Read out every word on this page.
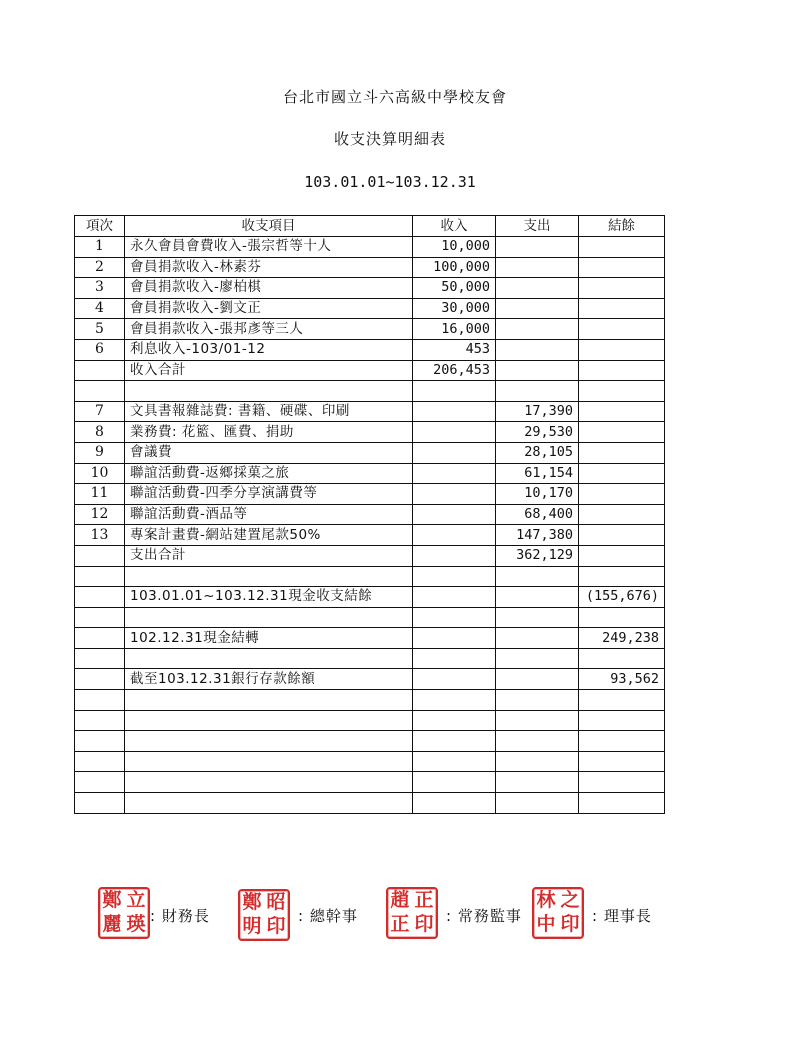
台北市國立斗六高級中學校友會
收支決算明細表
103.01.01~103.12.31
項次	收支項目	收入	支出	結餘
1	永久會員會費收入-張宗哲等十人	10,000		
2	會員捐款收入-林素芬	100,000		
3	會員捐款收入-廖柏棋	50,000		
4	會員捐款收入-劉文正	30,000		
5	會員捐款收入-張邦彥等三人	16,000		
6	利息收入-103/01-12	453		
	收入合計	206,453		

7	文具書報雜誌費: 書籍、硬碟、印刷		17,390	
8	業務費: 花籃、匯費、捐助		29,530	
9	會議費		28,105	
10	聯誼活動費-返鄉採菓之旅		61,154	
11	聯誼活動費-四季分享演講費等		10,170	
12	聯誼活動費-酒品等		68,400	
13	專案計畫費-網站建置尾款50%		147,380	
	支出合計		362,129	

	103.01.01~103.12.31現金收支結餘			(155,676)

	102.12.31現金結轉			249,238

	截至103.12.31銀行存款餘額			93,562

鄭 立
麗 瑛 : 財務長
鄭 昭
明 印 : 總幹事
趙 正
正 印 : 常務監事
林 之
中 印 : 理事長
